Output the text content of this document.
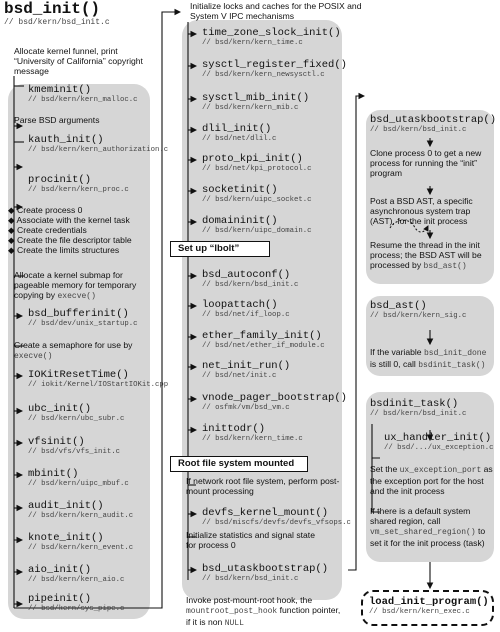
bsd_init()
// bsd/kern/bsd_init.c
Allocate kernel funnel, print “University of California” copyright message
kmeminit()
// bsd/kern/kern_malloc.c
Parse BSD arguments
kauth_init()
// bsd/kern/kern_authorization.c
procinit()
// bsd/kern/kern_proc.c
◆ Create process 0
◆ Associate with the kernel task
◆ Create credentials
◆ Create the file descriptor table
◆ Create the limits structures
Allocate a kernel submap for pageable memory for temporary copying by execve()
bsd_bufferinit()
// bsd/dev/unix_startup.c
Create a semaphore for use by execve()
IOKitResetTime()
// iokit/Kernel/IOStartIOKit.cpp
ubc_init()
// bsd/kern/ubc_subr.c
vfsinit()
// bsd/vfs/vfs_init.c
mbinit()
// bsd/kern/uipc_mbuf.c
audit_init()
// bsd/kern/kern_audit.c
knote_init()
// bsd/kern/kern_event.c
aio_init()
// bsd/kern/kern_aio.c
pipeinit()
// bsd/kern/sys_pipe.c
Initialize locks and caches for the POSIX and System V IPC mechanisms
time_zone_slock_init()
// bsd/kern/kern_time.c
sysctl_register_fixed()
// bsd/kern/kern_newsysctl.c
sysctl_mib_init()
// bsd/kern/kern_mib.c
dlil_init()
// bsd/net/dlil.c
proto_kpi_init()
// bsd/net/kpi_protocol.c
socketinit()
// bsd/kern/uipc_socket.c
domaininit()
// bsd/kern/uipc_domain.c
Set up “lbolt”
bsd_autoconf()
// bsd/kern/bsd_init.c
loopattach()
// bsd/net/if_loop.c
ether_family_init()
// bsd/net/ether_if_module.c
net_init_run()
// bsd/net/init.c
vnode_pager_bootstrap()
// osfmk/vm/bsd_vm.c
inittodr()
// bsd/kern/kern_time.c
Root file system mounted
If network root file system, perform post-mount processing
devfs_kernel_mount()
// bsd/miscfs/devfs/devfs_vfsops.c
Initialize statistics and signal state for process 0
bsd_utaskbootstrap()
// bsd/kern/bsd_init.c
Invoke post-mount-root hook, the mountroot_post_hook function pointer, if it is non NULL
bsd_utaskbootstrap()
// bsd/kern/bsd_init.c
Clone process 0 to get a new process for running the “init” program
Post a BSD AST, a specific asynchronous system trap (AST), for the init process
Resume the thread in the init process; the BSD AST will be processed by bsd_ast()
bsd_ast()
// bsd/kern/kern_sig.c
If the variable bsd_init_done is still 0, call bsdinit_task()
bsdinit_task()
// bsd/kern/bsd_init.c
ux_handler_init()
// bsd/.../ux_exception.c
Set the ux_exception_port as the exception port for the host and the init process
If there is a default system shared region, call vm_set_shared_region() to set it for the init process (task)
load_init_program()
// bsd/kern/kern_exec.c
